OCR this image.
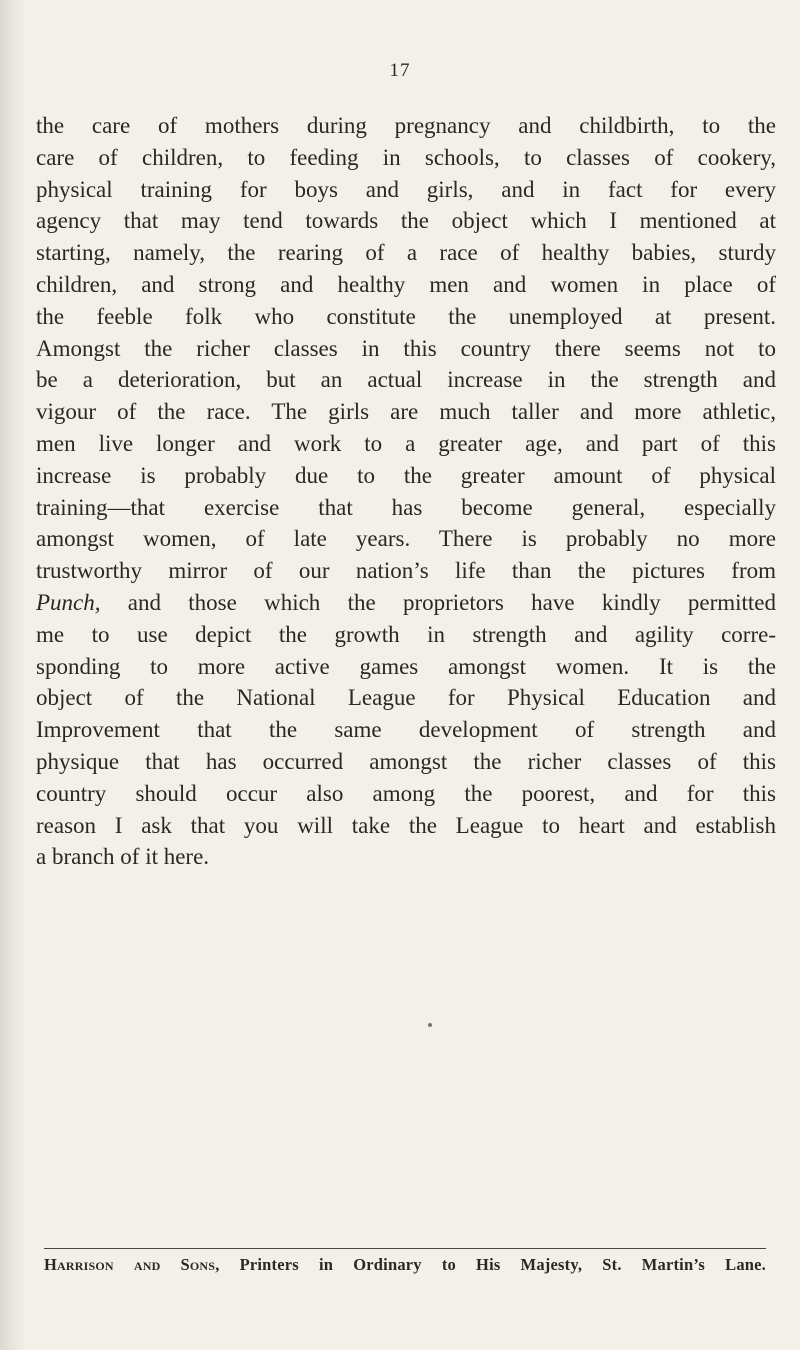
17

the care of mothers during pregnancy and childbirth, to the
care of children, to feeding in schools, to classes of cookery,
physical training for boys and girls, and in fact for every
agency that may tend towards the object which I mentioned at
starting, namely, the rearing of a race of healthy babies, sturdy
children, and strong and healthy men and women in place of
the feeble folk who constitute the unemployed at present.
Amongst the richer classes in this country there seems not to
be a deterioration, but an actual increase in the strength and
vigour of the race. The girls are much taller and more athletic,
men live longer and work to a greater age, and part of this
increase is probably due to the greater amount of physical
training—that exercise that has become general, especially
amongst women, of late years. There is probably no more
trustworthy mirror of our nation’s life than the pictures from
Punch, and those which the proprietors have kindly permitted
me to use depict the growth in strength and agility corre-
sponding to more active games amongst women. It is the
object of the National League for Physical Education and
Improvement that the same development of strength and
physique that has occurred amongst the richer classes of this
country should occur also among the poorest, and for this
reason I ask that you will take the League to heart and establish
a branch of it here.

Harrison and Sons, Printers in Ordinary to His Majesty, St. Martin’s Lane.
